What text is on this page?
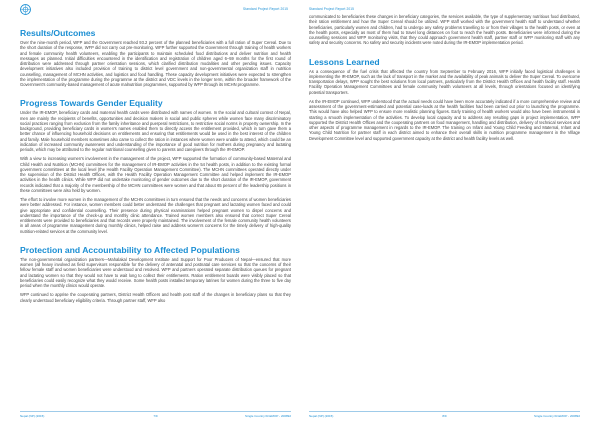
Standard Project Report 2015
Results/Outcomes

Over the nine-month period, WFP and the Government reached 93.2 percent of the planned beneficiaries with a full ration of Super Cereal. Due to the short duration of the response, WFP did not carry out pre-monitoring. WFP further supported the Government through training of health workers and female community health volunteers, enabling the participants to maintain scheduled food distributions and deliver nutrition and health messages as planned. Initial difficulties encountered in the identification and registration of children aged 6–59 months for the first round of distribution were addressed through partner orientation sessions, which clarified distribution modalities and other pending issues. Capacity development initiatives also included provision of training to district level government and non-governmental organization staff in nutrition counselling, management of MCHN activities, and logistics and food handling. These capacity development initiatives were expected to strengthen the implementation of the programme during the programme at the district and VDC levels in the longer term, within the broader framework of the Government's community-based management of acute malnutrition programmes, supported by WFP through its MCHN programme.

Progress Towards Gender Equality

Under the IR-EMOP, beneficiary cards and maternal health cards were distributed with names of women. In the social and cultural context of Nepal, men are mainly the recipients of benefits, opportunities and decision makers in social and public spheres while women face many discriminatory social practices ranging from exclusion from the family inheritance and puerperal restrictions, to restrictive social norms in property ownership. In the background, providing beneficiary cards in women's names enabled them to directly access the entitlement provided, which in turn gave them a better chance of influencing household decisions on entitlements and ensuring that entitlements would be used in the best interest of the children and family. Male household members sometimes also came to collect the ration in instances where women were unable to attend, which could be an indication of increased community awareness and understanding of the importance of good nutrition for mothers during pregnancy and lactating periods, which may be attributed to the regular nutritional counselling given to parents and caregivers through the IR-EMOP.

With a view to increasing women's involvement in the management of the project, WFP supported the formation of community-based Maternal and Child Health and Nutrition (MCHN) committees for the management of IR-EMOP activities in the 54 health posts, in addition to the existing formal government committees at the local level (the Health Facility Operation Management Committee). The MCHN committees operated directly under the supervision of the District Health Offices, with the Health Facility Operation Management Committee and helped implement the IR-EMOP activities in the health clinics. While WFP did not undertake monitoring of gender outcomes due to the short duration of the IR-EMOP, government records indicated that a majority of the membership of the MCHN committees were women and that about 65 percent of the leadership positions in these committees were also held by women.

The effort to involve more women in the management of the MCHN committees in turn ensured that the needs and concerns of women beneficiaries were better addressed. For instance, women members could better understand the challenges that pregnant and lactating women faced and could give appropriate and confidential counselling. Their presence during physical examinations helped pregnant women to dispel concerns and understand the importance of the check-up and monthly clinic attendance. Trained women members also ensured that correct Super Cereal entitlements were provided to beneficiaries and that records were properly maintained. The involvement of the female community health volunteers in all areas of programme management during monthly clinics, helped raise and address women's concerns for the timely delivery of high-quality nutrition-related services at the community level.

Protection and Accountability to Affected Populations

The non-governmental organization partners—Mahalakal Development Institute and Support for Poor Producers of Nepal—ensured that more women (all heavy involved as field supervisors responsible for the delivery of antenatal and postnatal care services so that the concerns of their fellow female staff and women beneficiaries were understood and resolved. WFP and partners operated separate distribution queues for pregnant and lactating women so that they would not have to wait long to collect their entitlements. Ration entitlement boards were visibly placed so that beneficiaries could easily recognize what they would receive. Some health posts installed temporary latrines for women during the three to five day period when the monthly clinics would operate.

WFP continued to apprise the cooperating partners, District Health Officers and health post staff of the changes in beneficiary plans so that they clearly understood beneficiary eligibility criteria. Through partner staff, WFP also

Nepal (NP) (2015)	7/9	Single Country IR-EMOP - 200892
Standard Project Report 2015

communicated to beneficiaries these changes in beneficiary categories, the services available, the type of supplementary nutritious food distributed, their ration entitlement and how the Super Cereal should be utilized. WFP staff worked with the government health staff to understand whether beneficiaries, particularly women and children, had to undergo any safety problems travelling to or from their villages to the health posts, or even at the health posts, especially as most of them had to travel long distances on foot to reach the health posts. Beneficiaries were informed during the counselling sessions and WFP monitoring visits, that they could approach government health staff, partner staff or WFP monitoring staff with any safety and security concerns. No safety and security incidents were noted during the IR-EMOP implementation period.

Lessons Learned

As a consequence of the fuel crisis that affected the country from September to February 2016, WFP initially faced logistical challenges in implementing the IR-EMOP, such as the lack of transport in the market and the availability of peak animals to deliver the Super Cereal. To overcome transportation delays, WFP sought the best solutions from local partners, particularly from the District Health Offices and health facility staff. Health Facility Operation Management Committees and female community health volunteers at all levels, through orientations focused on identifying potential transporters.

As the IR-EMOP continued, WFP understood that the actual needs could have been more accurately indicated if a more comprehensive review and assessment of the government-estimated and potential case-loads at the health facilities had been carried out prior to launching the programme. This would have also helped WFP to ensure more realistic planning figures. Early training of health workers would also have been instrumental in starting a smooth implementation of the activities. To develop local capacity and to address any resulting gaps in project implementation, WFP supported the District Health Offices and the cooperating partners on food management, handling and distribution, delivery of technical services and other aspects of programme management in regards to the IR-EMOP. The training on Infant and Young Child Feeding and Maternal, Infant and Young Child Nutrition for partner staff in each district aimed to enhance their overall skills in nutrition programme management in the Village Development Committee level and supported government capacity at the district and health facility levels as well.

Nepal (NP) (2015)	8/9	Single Country IR-EMOP - 200892
